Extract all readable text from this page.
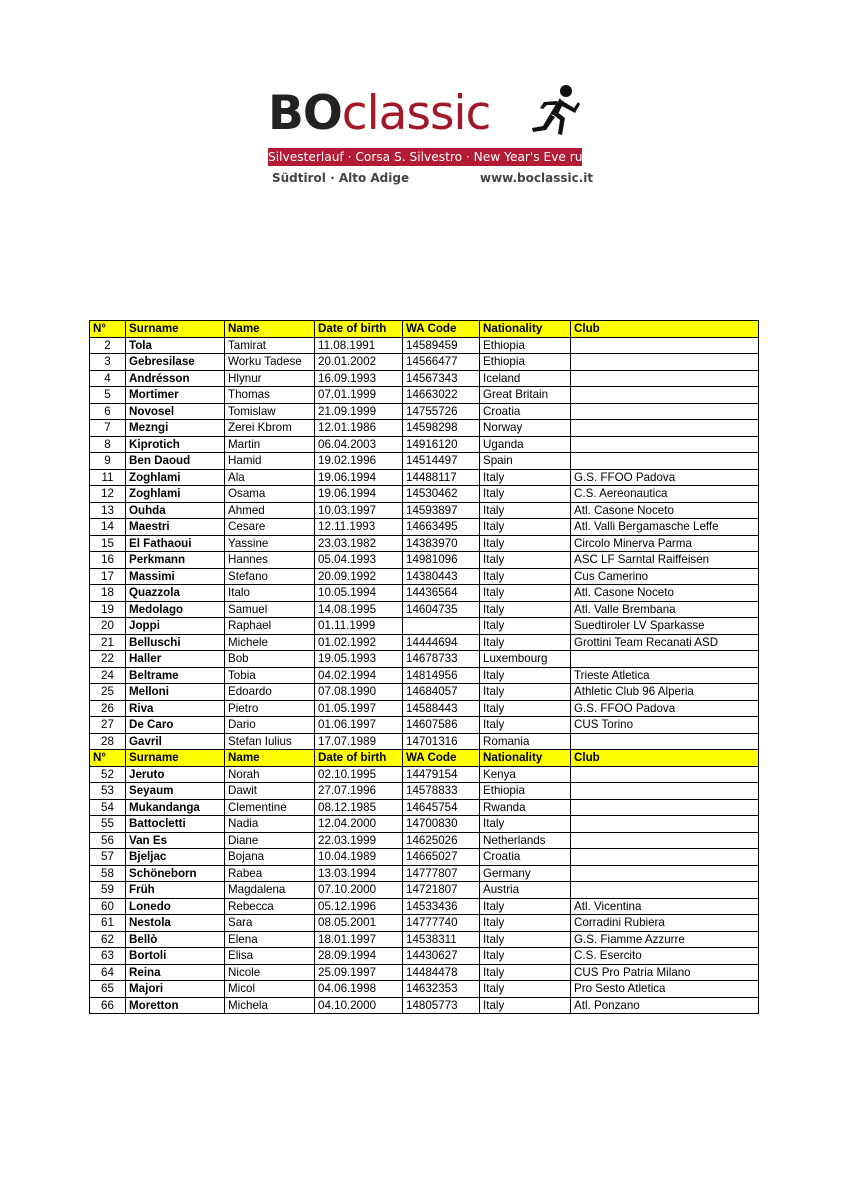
BOclassic
Silvesterlauf · Corsa S. Silvestro · New Year's Eve run
Südtirol · Alto Adige	www.boclassic.it
N°	Surname	Name	Date of birth	WA Code	Nationality	Club
2	Tola	Tamirat	11.08.1991	14589459	Ethiopia	
3	Gebresilase	Worku Tadese	20.01.2002	14566477	Ethiopia	
4	Andrésson	Hlynur	16.09.1993	14567343	Iceland	
5	Mortimer	Thomas	07.01.1999	14663022	Great Britain	
6	Novosel	Tomislaw	21.09.1999	14755726	Croatia	
7	Mezngi	Zerei Kbrom	12.01.1986	14598298	Norway	
8	Kiprotich	Martin	06.04.2003	14916120	Uganda	
9	Ben Daoud	Hamid	19.02.1996	14514497	Spain	
11	Zoghlami	Ala	19.06.1994	14488117	Italy	G.S. FFOO Padova
12	Zoghlami	Osama	19.06.1994	14530462	Italy	C.S. Aereonautica
13	Ouhda	Ahmed	10.03.1997	14593897	Italy	Atl. Casone Noceto
14	Maestri	Cesare	12.11.1993	14663495	Italy	Atl. Valli Bergamasche Leffe
15	El Fathaoui	Yassine	23.03.1982	14383970	Italy	Circolo Minerva Parma
16	Perkmann	Hannes	05.04.1993	14981096	Italy	ASC LF Sarntal Raiffeisen
17	Massimi	Stefano	20.09.1992	14380443	Italy	Cus Camerino
18	Quazzola	Italo	10.05.1994	14436564	Italy	Atl. Casone Noceto
19	Medolago	Samuel	14.08.1995	14604735	Italy	Atl. Valle Brembana
20	Joppi	Raphael	01.11.1999		Italy	Suedtiroler LV Sparkasse
21	Belluschi	Michele	01.02.1992	14444694	Italy	Grottini Team Recanati ASD
22	Haller	Bob	19.05.1993	14678733	Luxembourg	
24	Beltrame	Tobia	04.02.1994	14814956	Italy	Trieste Atletica
25	Melloni	Edoardo	07.08.1990	14684057	Italy	Athletic Club 96 Alperia
26	Riva	Pietro	01.05.1997	14588443	Italy	G.S. FFOO Padova
27	De Caro	Dario	01.06.1997	14607586	Italy	CUS Torino
28	Gavril	Stefan Iulius	17.07.1989	14701316	Romania	
N°	Surname	Name	Date of birth	WA Code	Nationality	Club
52	Jeruto	Norah	02.10.1995	14479154	Kenya	
53	Seyaum	Dawit	27.07.1996	14578833	Ethiopia	
54	Mukandanga	Clementine	08.12.1985	14645754	Rwanda	
55	Battocletti	Nadia	12.04.2000	14700830	Italy	
56	Van Es	Diane	22.03.1999	14625026	Netherlands	
57	Bjeljac	Bojana	10.04.1989	14665027	Croatia	
58	Schöneborn	Rabea	13.03.1994	14777807	Germany	
59	Früh	Magdalena	07.10.2000	14721807	Austria	
60	Lonedo	Rebecca	05.12.1996	14533436	Italy	Atl. Vicentina
61	Nestola	Sara	08.05.2001	14777740	Italy	Corradini Rubiera
62	Bellò	Elena	18.01.1997	14538311	Italy	G.S. Fiamme Azzurre
63	Bortoli	Elisa	28.09.1994	14430627	Italy	C.S. Esercito
64	Reina	Nicole	25.09.1997	14484478	Italy	CUS Pro Patria Milano
65	Majori	Micol	04.06.1998	14632353	Italy	Pro Sesto Atletica
66	Moretton	Michela	04.10.2000	14805773	Italy	Atl. Ponzano
